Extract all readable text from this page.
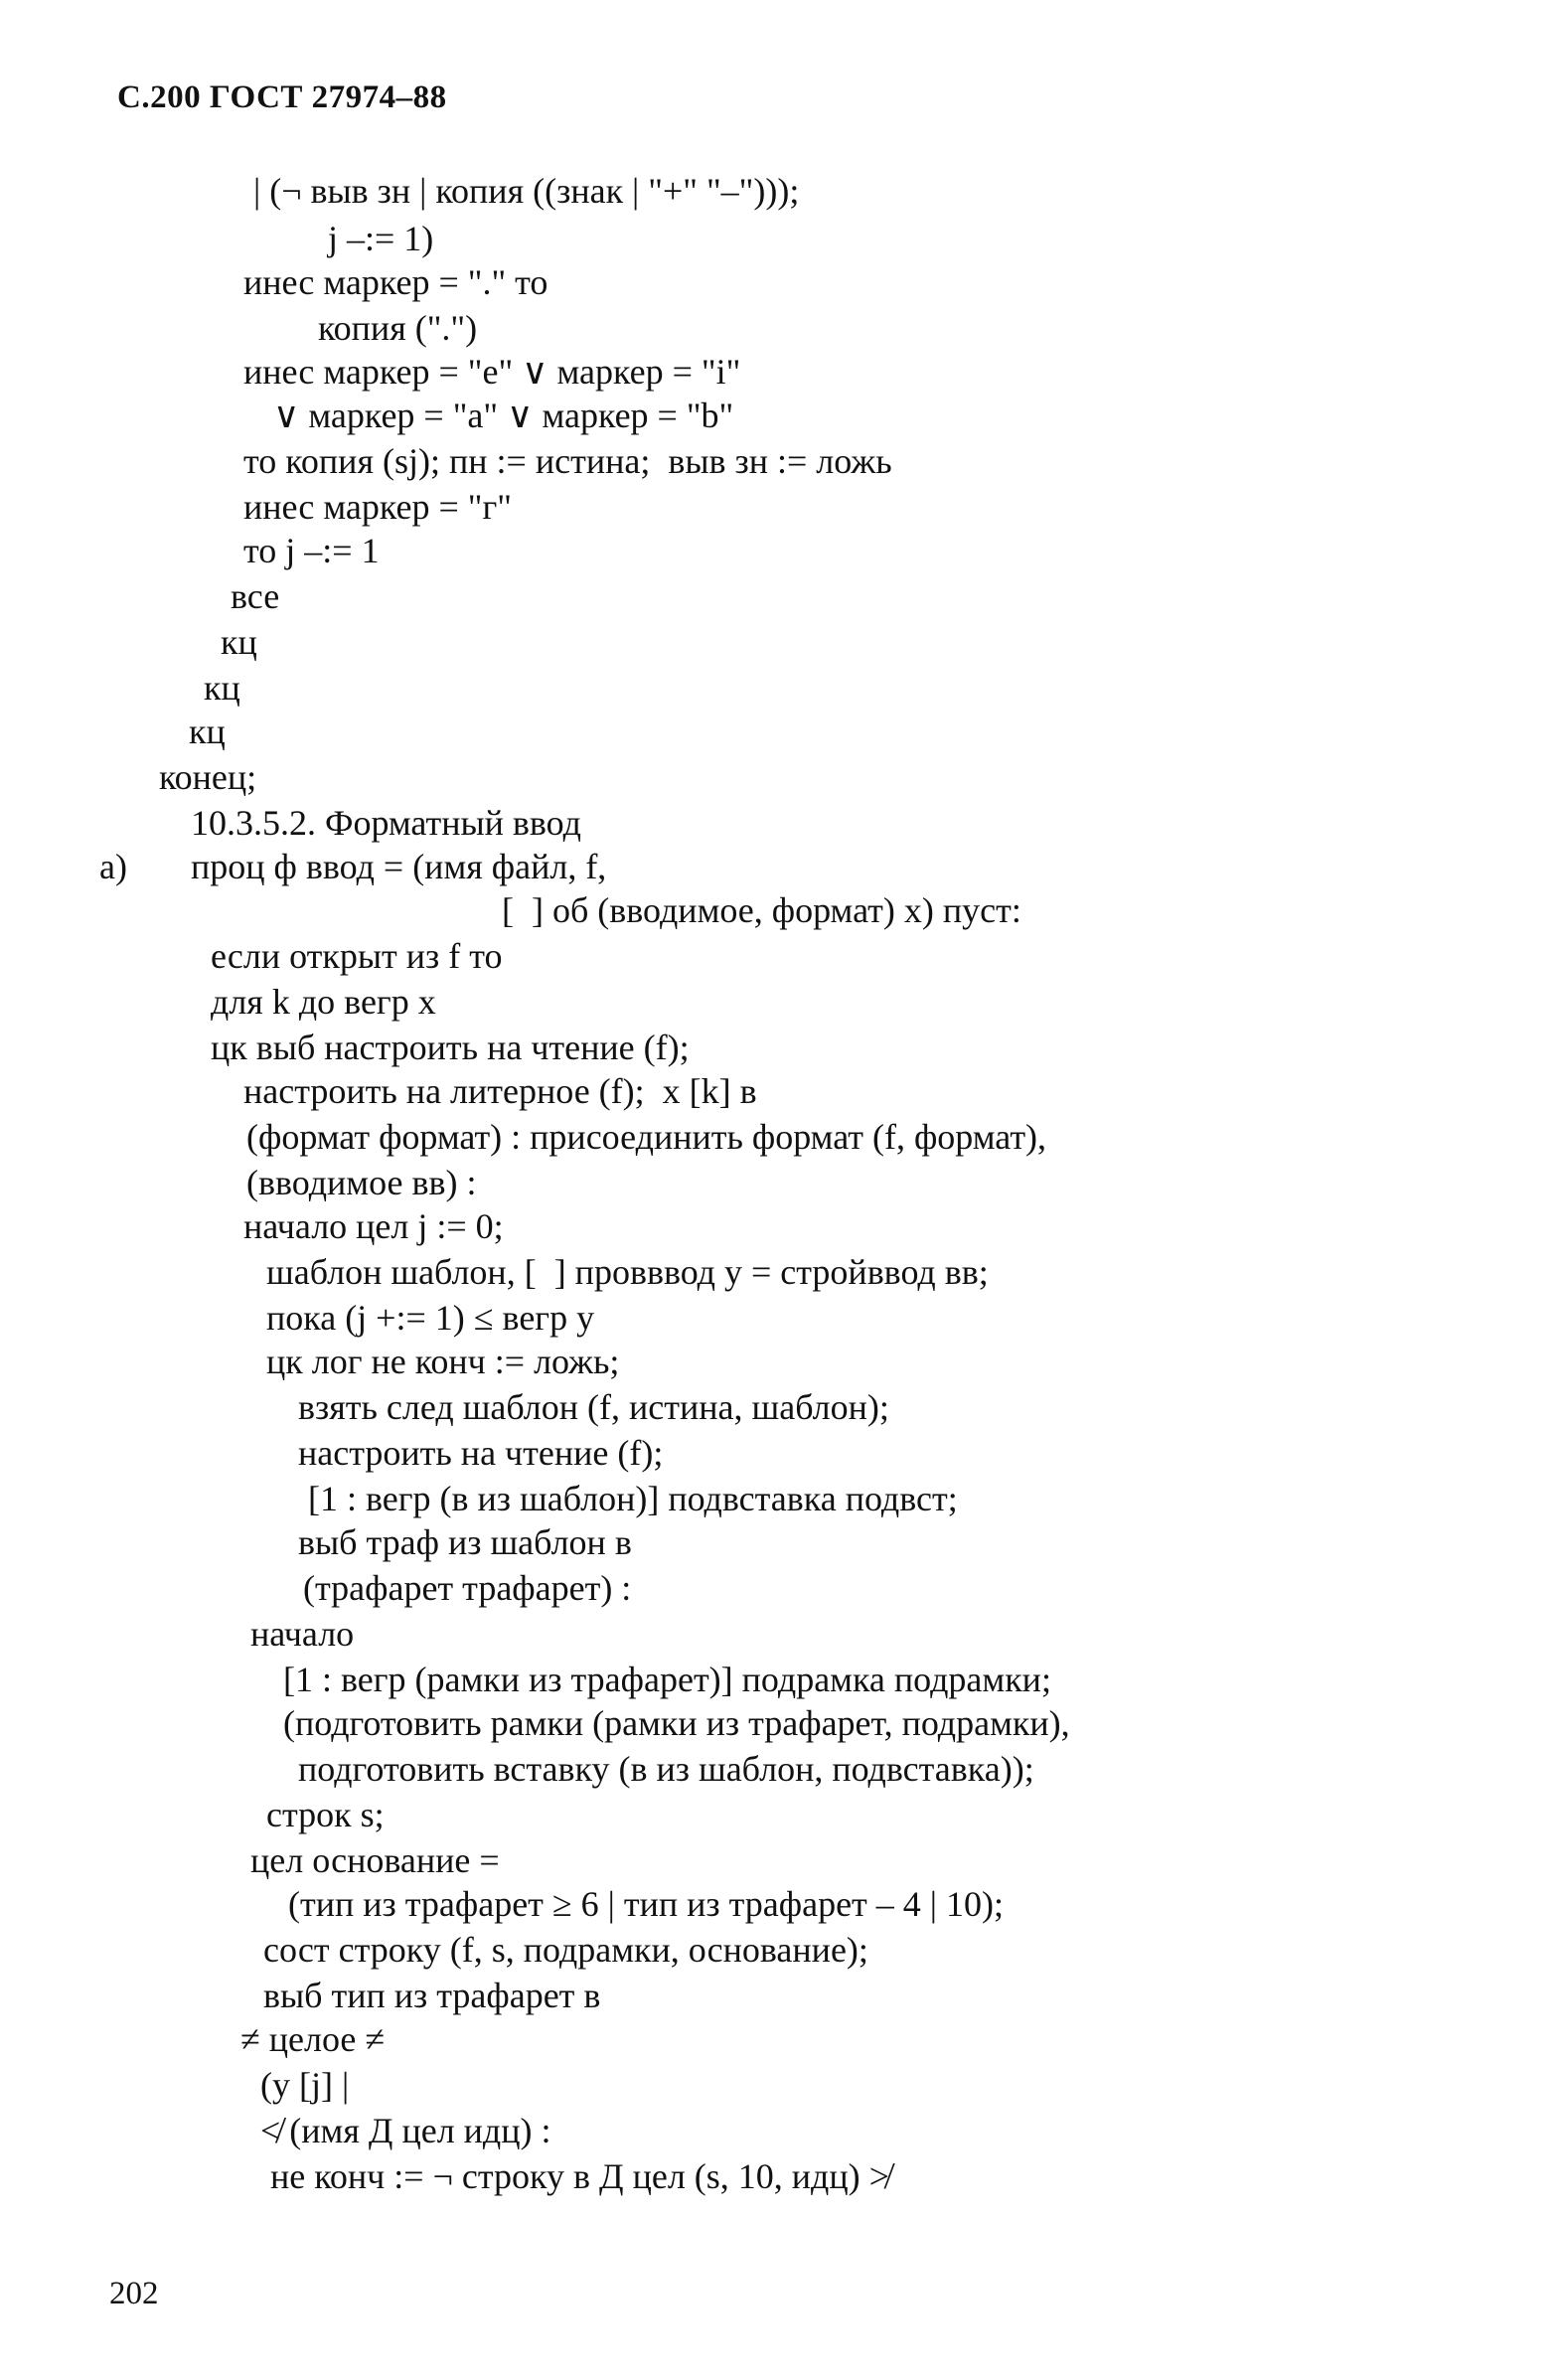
С.200 ГОСТ 27974–88
| (¬ выв зн | копия ((знак | "+" "–")));
j –:= 1)
инес маркер = "." то
копия (".")
инес маркер = "е" ∨ маркер = "i"
∨ маркер = "а" ∨ маркер = "b"
то копия (sj); пн := истина;  выв зн := ложь
инес маркер = "г"
то j –:= 1
все
кц
кц
кц
конец;
10.3.5.2. Форматный ввод
а) проц ф ввод = (имя файл, f,
[  ] об (вводимое, формат) х) пуст:
если открыт из f то
для k до вегр х
цк выб настроить на чтение (f);
настроить на литерное (f);  х [k] в
(формат формат) : присоединить формат (f, формат),
(вводимое вв) :
начало цел j := 0;
шаблон шаблон, [  ] провввод у = стройввод вв;
пока (j +:= 1) ≤ вегр у
цк лог не конч := ложь;
взять след шаблон (f, истина, шаблон);
настроить на чтение (f);
[1 : вегр (в из шаблон)] подвставка подвст;
выб траф из шаблон в
(трафарет трафарет) :
начало
[1 : вегр (рамки из трафарет)] подрамка подрамки;
(подготовить рамки (рамки из трафарет, подрамки),
подготовить вставку (в из шаблон, подвставка));
строк s;
цел основание =
(тип из трафарет ≥ 6 | тип из трафарет – 4 | 10);
сост строку (f, s, подрамки, основание);
выб тип из трафарет в
≠ целое ≠
(у [j] |
≮ (имя Д цел идц) :
не конч := ¬ строку в Д цел (s, 10, идц) ≯
202
